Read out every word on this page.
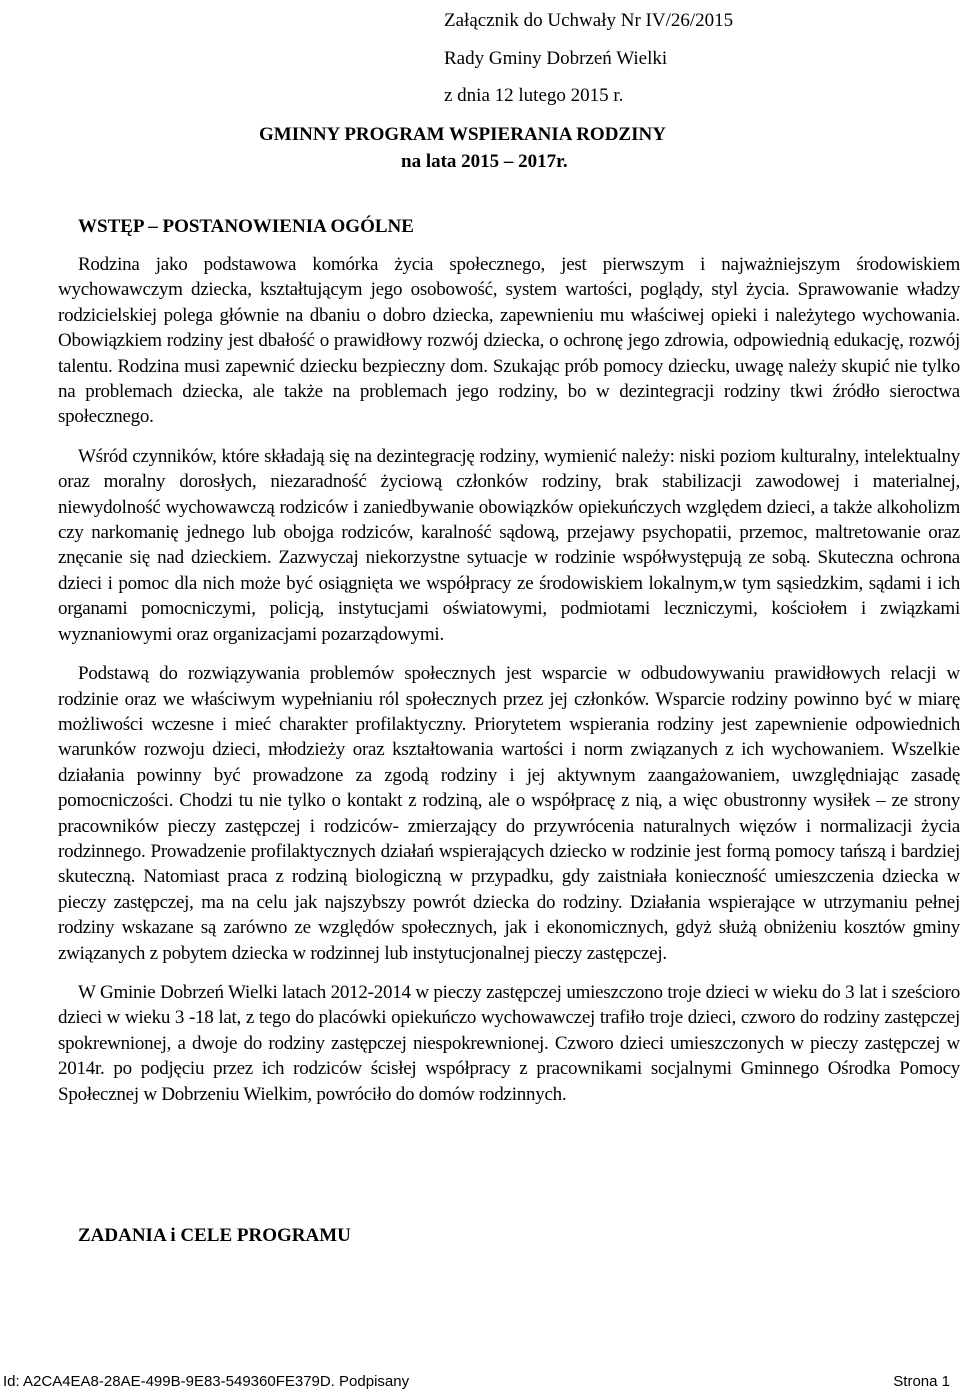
Załącznik do Uchwały Nr IV/26/2015
Rady Gminy Dobrzeń Wielki
z dnia 12 lutego 2015 r.
GMINNY PROGRAM WSPIERANIA RODZINY
na lata 2015 – 2017r.
WSTĘP – POSTANOWIENIA OGÓLNE

Rodzina jako podstawowa komórka życia społecznego, jest pierwszym i najważniejszym środowiskiem wychowawczym dziecka, kształtującym jego osobowość, system wartości, poglądy, styl życia. Sprawowanie władzy rodzicielskiej polega głównie na dbaniu o dobro dziecka, zapewnieniu mu właściwej opieki i należytego wychowania. Obowiązkiem rodziny jest dbałość o prawidłowy rozwój dziecka, o ochronę jego zdrowia, odpowiednią edukację, rozwój talentu. Rodzina musi zapewnić dziecku bezpieczny dom. Szukając prób pomocy dziecku, uwagę należy skupić nie tylko na problemach dziecka, ale także na problemach jego rodziny, bo w dezintegracji rodziny tkwi źródło sieroctwa społecznego.

Wśród czynników, które składają się na dezintegrację rodziny, wymienić należy: niski poziom kulturalny, intelektualny oraz moralny dorosłych, niezaradność życiową członków rodziny, brak stabilizacji zawodowej i materialnej, niewydolność wychowawczą rodziców i zaniedbywanie obowiązków opiekuńczych względem dzieci, a także alkoholizm czy narkomanię jednego lub obojga rodziców, karalność sądową, przejawy psychopatii, przemoc, maltretowanie oraz znęcanie się nad dzieckiem. Zazwyczaj niekorzystne sytuacje w rodzinie współwystępują ze sobą. Skuteczna ochrona dzieci i pomoc dla nich może być osiągnięta we współpracy ze środowiskiem lokalnym,w tym sąsiedzkim, sądami i ich organami pomocniczymi, policją, instytucjami oświatowymi, podmiotami leczniczymi, kościołem i związkami wyznaniowymi oraz organizacjami pozarządowymi.

Podstawą do rozwiązywania problemów społecznych jest wsparcie w odbudowywaniu prawidłowych relacji w rodzinie oraz we właściwym wypełnianiu ról społecznych przez jej członków. Wsparcie rodziny powinno być w miarę możliwości wczesne i mieć charakter profilaktyczny. Priorytetem wspierania rodziny jest zapewnienie odpowiednich warunków rozwoju dzieci, młodzieży oraz kształtowania wartości i norm związanych z ich wychowaniem. Wszelkie działania powinny być prowadzone za zgodą rodziny i jej aktywnym zaangażowaniem, uwzględniając zasadę pomocniczości. Chodzi tu nie tylko o kontakt z rodziną, ale o współpracę z nią, a więc obustronny wysiłek – ze strony pracowników pieczy zastępczej i rodziców- zmierzający do przywrócenia naturalnych więzów i normalizacji życia rodzinnego. Prowadzenie profilaktycznych działań wspierających dziecko w rodzinie jest formą pomocy tańszą i bardziej skuteczną. Natomiast praca z rodziną biologiczną w przypadku, gdy zaistniała konieczność umieszczenia dziecka w pieczy zastępczej, ma na celu jak najszybszy powrót dziecka do rodziny. Działania wspierające w utrzymaniu pełnej rodziny wskazane są zarówno ze względów społecznych, jak i ekonomicznych, gdyż służą obniżeniu kosztów gminy związanych z pobytem dziecka w rodzinnej lub instytucjonalnej pieczy zastępczej.

W Gminie Dobrzeń Wielki latach 2012-2014 w pieczy zastępczej umieszczono troje dzieci w wieku do 3 lat i sześcioro dzieci w wieku 3 -18 lat, z tego do placówki opiekuńczo wychowawczej trafiło troje dzieci, czworo do rodziny zastępczej spokrewnionej, a dwoje do rodziny zastępczej niespokrewnionej. Czworo dzieci umieszczonych w pieczy zastępczej w 2014r. po podjęciu przez ich rodziców ścisłej współpracy z pracownikami socjalnymi Gminnego Ośrodka Pomocy Społecznej w Dobrzeniu Wielkim, powróciło do domów rodzinnych.

ZADANIA i CELE PROGRAMU
Id: A2CA4EA8-28AE-499B-9E83-549360FE379D. Podpisany	Strona 1
